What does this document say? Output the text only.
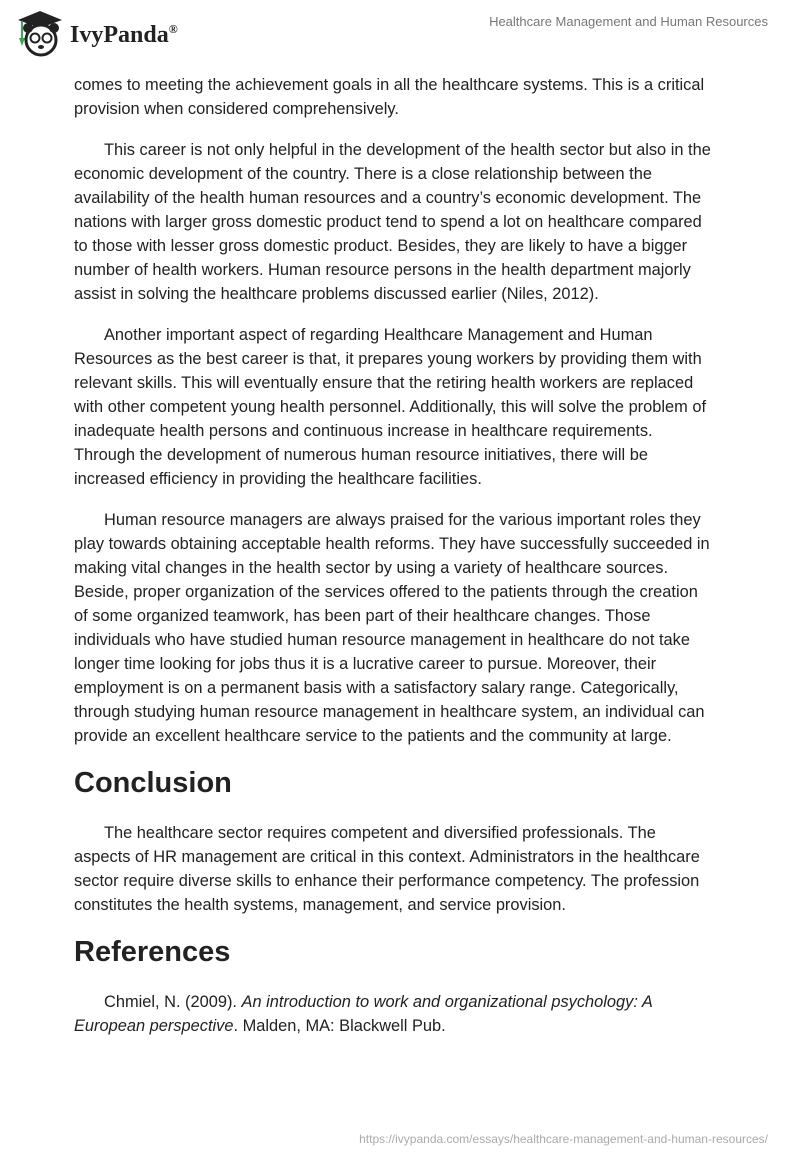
IvyPanda®	Healthcare Management and Human Resources
comes to meeting the achievement goals in all the healthcare systems. This is a critical
provision when considered comprehensively.
This career is not only helpful in the development of the health sector but also in the
economic development of the country. There is a close relationship between the
availability of the health human resources and a country’s economic development. The
nations with larger gross domestic product tend to spend a lot on healthcare compared
to those with lesser gross domestic product. Besides, they are likely to have a bigger
number of health workers. Human resource persons in the health department majorly
assist in solving the healthcare problems discussed earlier (Niles, 2012).
Another important aspect of regarding Healthcare Management and Human
Resources as the best career is that, it prepares young workers by providing them with
relevant skills. This will eventually ensure that the retiring health workers are replaced
with other competent young health personnel. Additionally, this will solve the problem of
inadequate health persons and continuous increase in healthcare requirements.
Through the development of numerous human resource initiatives, there will be
increased efficiency in providing the healthcare facilities.
Human resource managers are always praised for the various important roles they
play towards obtaining acceptable health reforms. They have successfully succeeded in
making vital changes in the health sector by using a variety of healthcare sources.
Beside, proper organization of the services offered to the patients through the creation
of some organized teamwork, has been part of their healthcare changes. Those
individuals who have studied human resource management in healthcare do not take
longer time looking for jobs thus it is a lucrative career to pursue. Moreover, their
employment is on a permanent basis with a satisfactory salary range. Categorically,
through studying human resource management in healthcare system, an individual can
provide an excellent healthcare service to the patients and the community at large.
Conclusion
The healthcare sector requires competent and diversified professionals. The
aspects of HR management are critical in this context. Administrators in the healthcare
sector require diverse skills to enhance their performance competency. The profession
constitutes the health systems, management, and service provision.
References
Chmiel, N. (2009). An introduction to work and organizational psychology: A
European perspective. Malden, MA: Blackwell Pub.
https://ivypanda.com/essays/healthcare-management-and-human-resources/
